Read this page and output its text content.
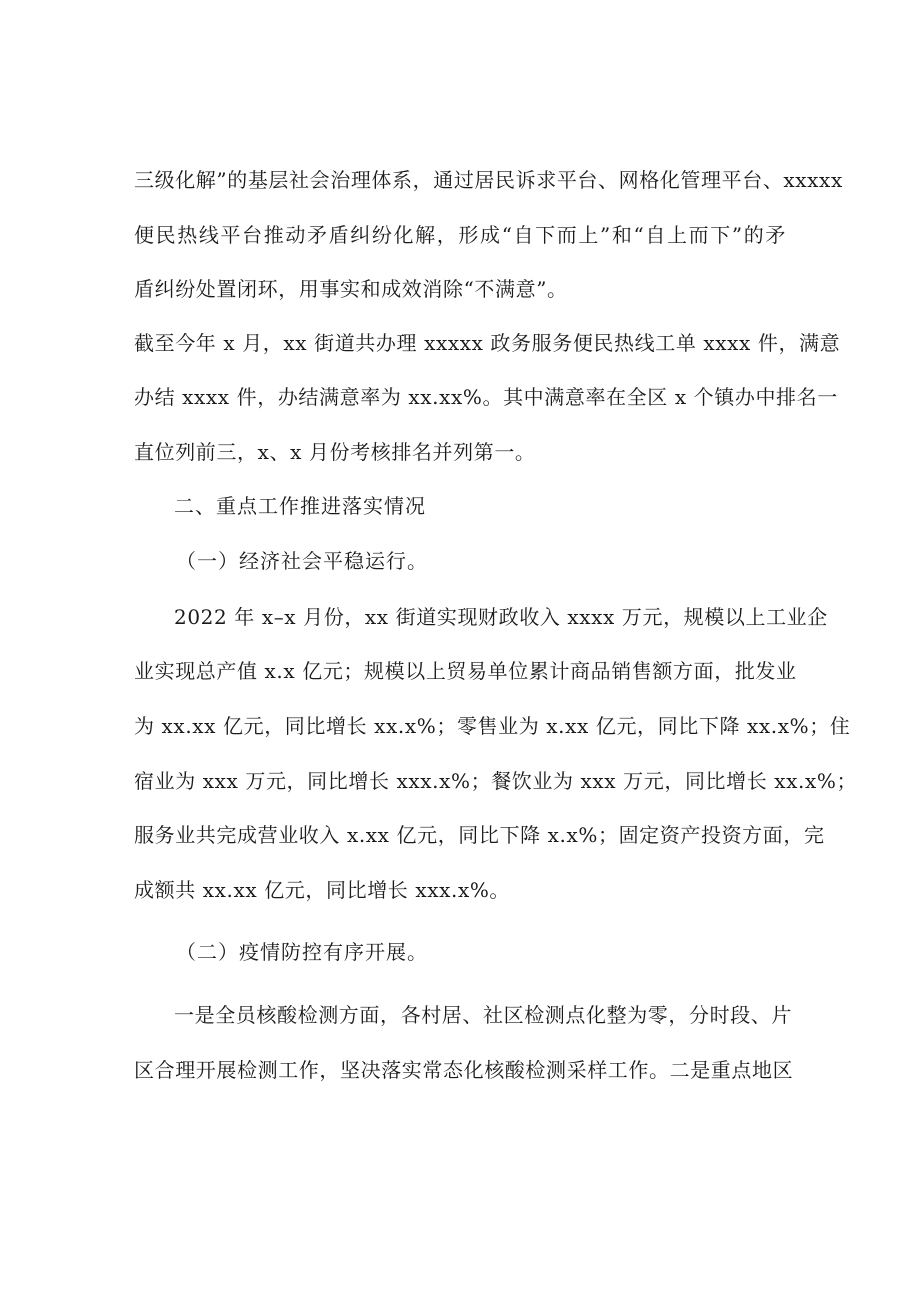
三级化解”的基层社会治理体系，通过居民诉求平台、网格化管理平台、xxxxx
便民热线平台推动矛盾纠纷化解，形成“自下而上”和“自上而下”的矛
盾纠纷处置闭环，用事实和成效消除“不满意”。
截至今年 x 月，xx 街道共办理 xxxxx 政务服务便民热线工单 xxxx 件，满意
办结 xxxx 件，办结满意率为 xx.xx%。其中满意率在全区 x 个镇办中排名一
直位列前三，x、x 月份考核排名并列第一。
二、重点工作推进落实情况
（一）经济社会平稳运行。
2022 年 x–x 月份，xx 街道实现财政收入 xxxx 万元，规模以上工业企
业实现总产值 x.x 亿元；规模以上贸易单位累计商品销售额方面，批发业
为 xx.xx 亿元，同比增长 xx.x%；零售业为 x.xx 亿元，同比下降 xx.x%；住
宿业为 xxx 万元，同比增长 xxx.x%；餐饮业为 xxx 万元，同比增长 xx.x%；
服务业共完成营业收入 x.xx 亿元，同比下降 x.x%；固定资产投资方面，完
成额共 xx.xx 亿元，同比增长 xxx.x%。
（二）疫情防控有序开展。
一是全员核酸检测方面，各村居、社区检测点化整为零，分时段、片
区合理开展检测工作，坚决落实常态化核酸检测采样工作。二是重点地区
